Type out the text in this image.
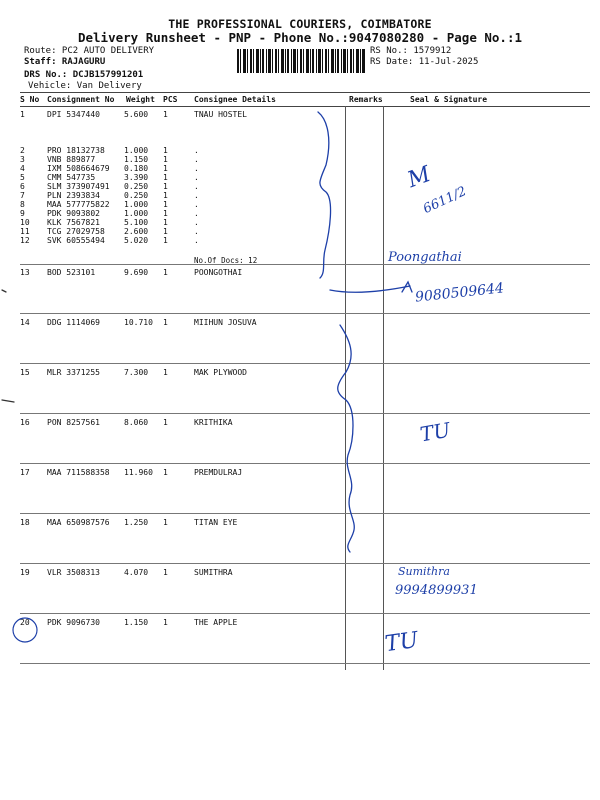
THE PROFESSIONAL COURIERS, COIMBATORE
Delivery Runsheet - PNP - Phone No.:9047080280 - Page No.:1
Route: PC2 AUTO DELIVERY
Staff: RAJAGURU
DRS No.: DCJB157991201
Vehicle: Van Delivery
RS No.: 1579912
RS Date: 11-Jul-2025
S No Consignment No Weight PCS Consignee Details	Remarks	Seal & Signature
1	DPI 5347440	5.600 1	TNAU HOSTEL
2	PRO 18132738 1.000 1	.
3	VNB 889877	1.150 1	.
4	IXM 508664679 0.180 1	.
5	CMM 547735	3.390 1	.
6	SLM 373907491 0.250 1	.
7	PLN 2393834	0.250 1	.
8	MAA 577775822 1.000 1	.
9	PDK 9093802	1.000 1	.
10 KLK 7567821	5.100 1	.
11 TCG 27029758 2.600 1	.
12 SVK 60555494 5.020 1	.
13 BOD 523101	9.690 1	POONGOTHAI
14 DDG 1114069	10.710 1	MIIHUN JOSUVA
15 MLR 3371255	7.300 1	MAK PLYWOOD
16 PON 8257561	8.060 1	KRITHIKA
17 MAA 711588358 11.960 1	PREMDULRAJ
18 MAA 650987576 1.250 1	TITAN EYE
19 VLR 3508313	4.070 1	SUMITHRA
20 PDK 9096730	1.150 1	THE APPLE
No.Of Docs: 12
M
6611/2
Poongathai
9080509644
TU
Sumithra
9994899931
TU
